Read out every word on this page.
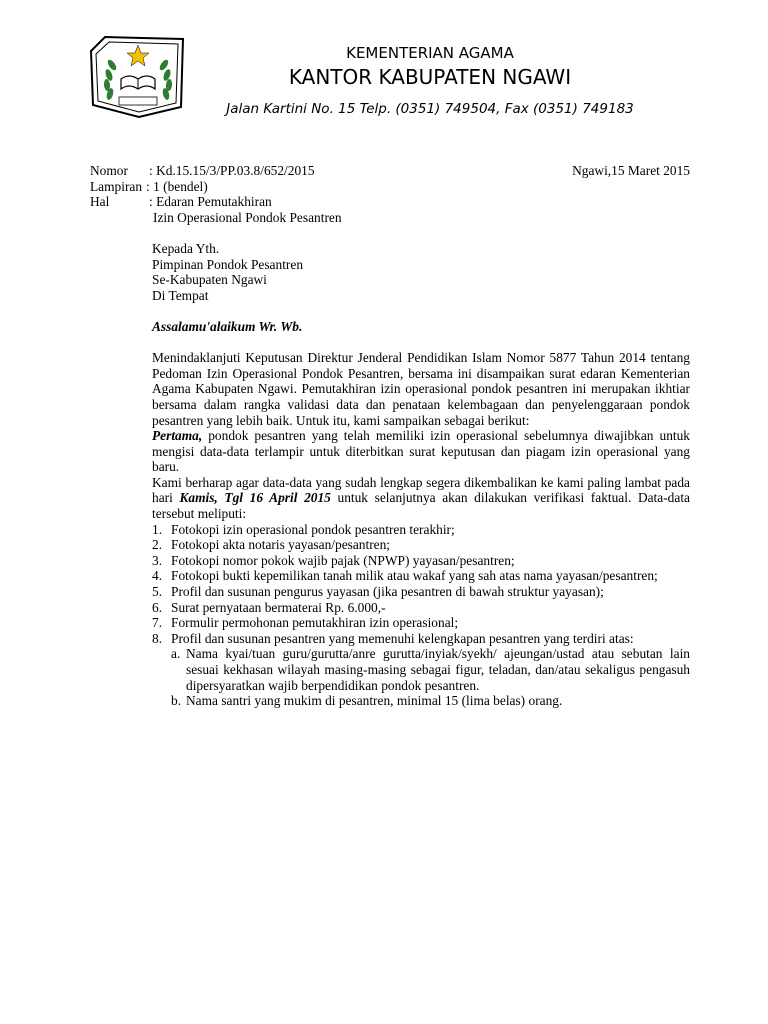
KEMENTERIAN AGAMA
KANTOR KABUPATEN NGAWI
Jalan Kartini No. 15 Telp. (0351) 749504, Fax (0351) 749183
Nomor : Kd.15.15/3/PP.03.8/652/2015	Ngawi,15 Maret 2015
Lampiran : 1 (bendel)
Hal	: Edaran Pemutakhiran
Izin Operasional Pondok Pesantren
Kepada Yth.
Pimpinan Pondok Pesantren
Se-Kabupaten Ngawi
Di Tempat
Assalamu'alaikum Wr. Wb.
Menindaklanjuti Keputusan Direktur Jenderal Pendidikan Islam Nomor 5877 Tahun 2014 tentang Pedoman Izin Operasional Pondok Pesantren, bersama ini disampaikan surat edaran Kementerian Agama Kabupaten Ngawi. Pemutakhiran izin operasional pondok pesantren ini merupakan ikhtiar bersama dalam rangka validasi data dan penataan kelembagaan dan penyelenggaraan pondok pesantren yang lebih baik. Untuk itu, kami sampaikan sebagai berikut:
Pertama, pondok pesantren yang telah memiliki izin operasional sebelumnya diwajibkan untuk mengisi data-data terlampir untuk diterbitkan surat keputusan dan piagam izin operasional yang baru.
Kami berharap agar data-data yang sudah lengkap segera dikembalikan ke kami paling lambat pada hari Kamis, Tgl 16 April 2015 untuk selanjutnya akan dilakukan verifikasi faktual. Data-data tersebut meliputi:
1. Fotokopi izin operasional pondok pesantren terakhir;
2. Fotokopi akta notaris yayasan/pesantren;
3. Fotokopi nomor pokok wajib pajak (NPWP) yayasan/pesantren;
4. Fotokopi bukti kepemilikan tanah milik atau wakaf yang sah atas nama yayasan/pesantren;
5. Profil dan susunan pengurus yayasan (jika pesantren di bawah struktur yayasan);
6. Surat pernyataan bermaterai Rp. 6.000,-
7. Formulir permohonan pemutakhiran izin operasional;
8. Profil dan susunan pesantren yang memenuhi kelengkapan pesantren yang terdiri atas:
a. Nama kyai/tuan guru/gurutta/anre gurutta/inyiak/syekh/ ajeungan/ustad atau sebutan lain sesuai kekhasan wilayah masing-masing sebagai figur, teladan, dan/atau sekaligus pengasuh dipersyaratkan wajib berpendidikan pondok pesantren.
b. Nama santri yang mukim di pesantren, minimal 15 (lima belas) orang.
